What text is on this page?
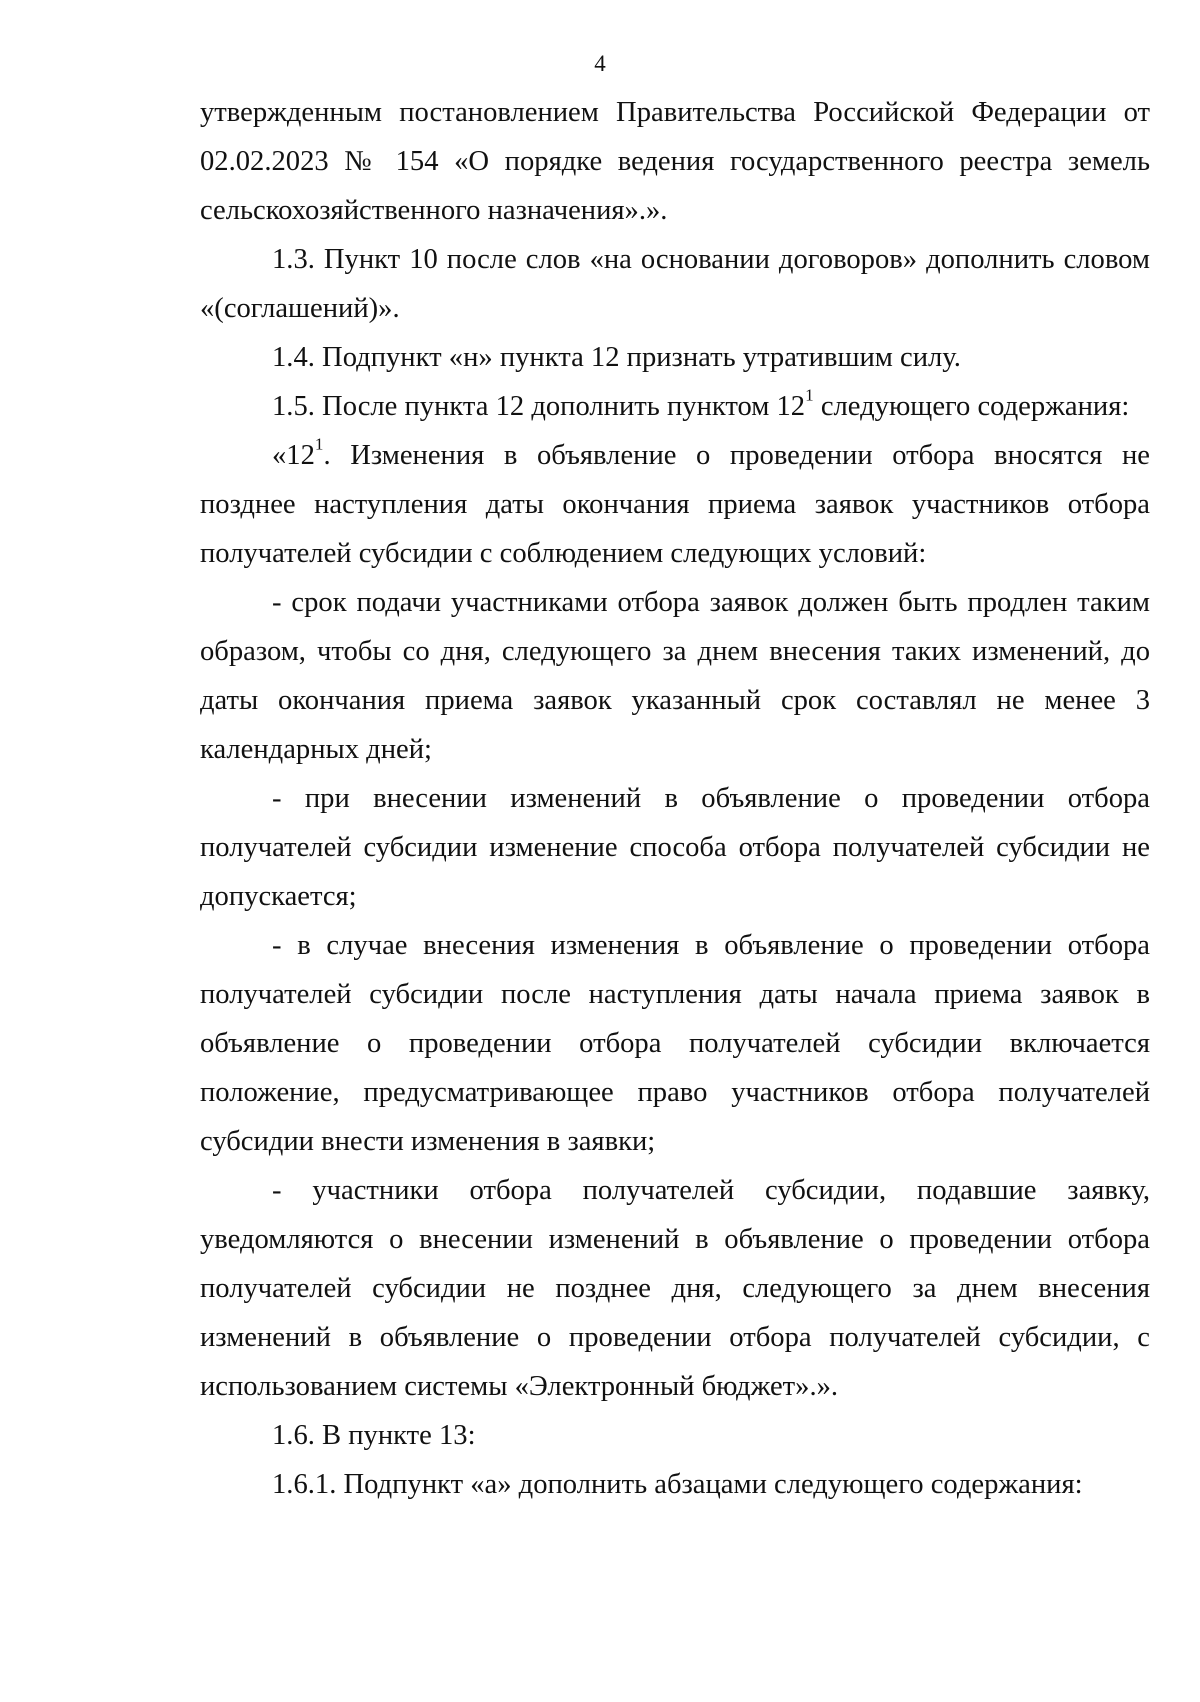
4

утвержденным постановлением Правительства Российской Федерации от 02.02.2023 № 154 «О порядке ведения государственного реестра земель сельскохозяйственного назначения».».

1.3. Пункт 10 после слов «на основании договоров» дополнить словом «(соглашений)».

1.4. Подпункт «н» пункта 12 признать утратившим силу.

1.5. После пункта 12 дополнить пунктом $12^1$ следующего содержания:

«$12^1$. Изменения в объявление о проведении отбора вносятся не позднее наступления даты окончания приема заявок участников отбора получателей субсидии с соблюдением следующих условий:

- срок подачи участниками отбора заявок должен быть продлен таким образом, чтобы со дня, следующего за днем внесения таких изменений, до даты окончания приема заявок указанный срок составлял не менее 3 календарных дней;

- при внесении изменений в объявление о проведении отбора получателей субсидии изменение способа отбора получателей субсидии не допускается;

- в случае внесения изменения в объявление о проведении отбора получателей субсидии после наступления даты начала приема заявок в объявление о проведении отбора получателей субсидии включается положение, предусматривающее право участников отбора получателей субсидии внести изменения в заявки;

- участники отбора получателей субсидии, подавшие заявку, уведомляются о внесении изменений в объявление о проведении отбора получателей субсидии не позднее дня, следующего за днем внесения изменений в объявление о проведении отбора получателей субсидии, с использованием системы «Электронный бюджет».».

1.6. В пункте 13:

1.6.1. Подпункт «а» дополнить абзацами следующего содержания:
